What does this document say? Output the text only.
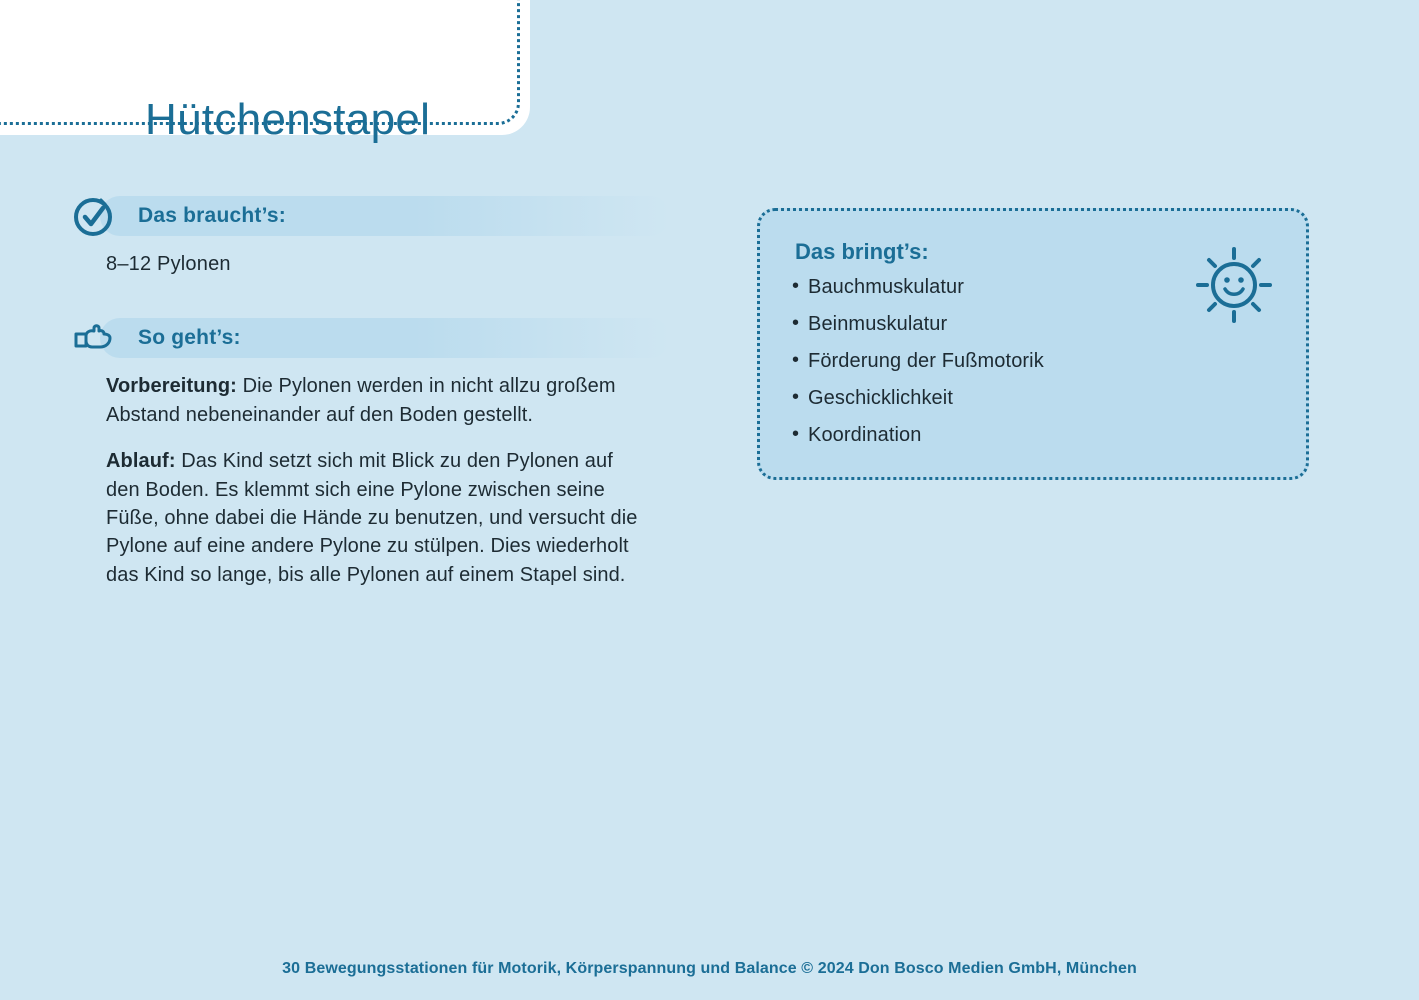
Hütchenstapel
Das braucht’s:
8–12 Pylonen
So geht’s:

Vorbereitung: Die Pylonen werden in nicht allzu großem Abstand nebeneinander auf den Boden gestellt.

Ablauf: Das Kind setzt sich mit Blick zu den Pylonen auf den Boden. Es klemmt sich eine Pylone zwischen seine Füße, ohne dabei die Hände zu benutzen, und versucht die Pylone auf eine andere Pylone zu stülpen. Dies wiederholt das Kind so lange, bis alle Pylonen auf einem Stapel sind.

Das bringt’s:
• Bauchmuskulatur
• Beinmuskulatur
• Förderung der Fußmotorik
• Geschicklichkeit
• Koordination
30 Bewegungsstationen für Motorik, Körperspannung und Balance © 2024 Don Bosco Medien GmbH, München
